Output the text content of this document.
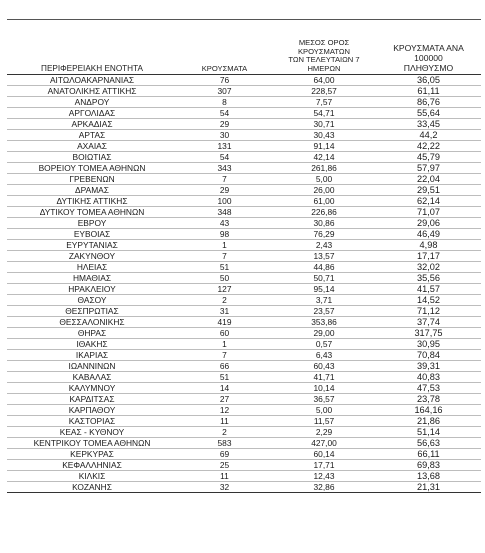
ΠΕΡΙΦΕΡΕΙΑΚΗ ΕΝΟΤΗΤΑ	ΚΡΟΥΣΜΑΤΑ	ΜΕΣΟΣ ΟΡΟΣ ΚΡΟΥΣΜΑΤΩΝ
ΤΩΝ ΤΕΛΕΥΤΑΙΩΝ 7 ΗΜΕΡΩΝ	ΚΡΟΥΣΜΑΤΑ ΑΝΑ 100000
ΠΛΗΘΥΣΜΟ
ΑΙΤΩΛΟΑΚΑΡΝΑΝΙΑΣ	76	64,00	36,05
ΑΝΑΤΟΛΙΚΗΣ ΑΤΤΙΚΗΣ	307	228,57	61,11
ΑΝΔΡΟΥ	8	7,57	86,76
ΑΡΓΟΛΙΔΑΣ	54	54,71	55,64
ΑΡΚΑΔΙΑΣ	29	30,71	33,45
ΑΡΤΑΣ	30	30,43	44,2
ΑΧΑΙΑΣ	131	91,14	42,22
ΒΟΙΩΤΙΑΣ	54	42,14	45,79
ΒΟΡΕΙΟΥ ΤΟΜΕΑ ΑΘΗΝΩΝ	343	261,86	57,97
ΓΡΕΒΕΝΩΝ	7	5,00	22,04
ΔΡΑΜΑΣ	29	26,00	29,51
ΔΥΤΙΚΗΣ ΑΤΤΙΚΗΣ	100	61,00	62,14
ΔΥΤΙΚΟΥ ΤΟΜΕΑ ΑΘΗΝΩΝ	348	226,86	71,07
ΕΒΡΟΥ	43	30,86	29,06
ΕΥΒΟΙΑΣ	98	76,29	46,49
ΕΥΡΥΤΑΝΙΑΣ	1	2,43	4,98
ΖΑΚΥΝΘΟΥ	7	13,57	17,17
ΗΛΕΙΑΣ	51	44,86	32,02
ΗΜΑΘΙΑΣ	50	50,71	35,56
ΗΡΑΚΛΕΙΟΥ	127	95,14	41,57
ΘΑΣΟΥ	2	3,71	14,52
ΘΕΣΠΡΩΤΙΑΣ	31	23,57	71,12
ΘΕΣΣΑΛΟΝΙΚΗΣ	419	353,86	37,74
ΘΗΡΑΣ	60	29,00	317,75
ΙΘΑΚΗΣ	1	0,57	30,95
ΙΚΑΡΙΑΣ	7	6,43	70,84
ΙΩΑΝΝΙΝΩΝ	66	60,43	39,31
ΚΑΒΑΛΑΣ	51	41,71	40,83
ΚΑΛΥΜΝΟΥ	14	10,14	47,53
ΚΑΡΔΙΤΣΑΣ	27	36,57	23,78
ΚΑΡΠΑΘΟΥ	12	5,00	164,16
ΚΑΣΤΟΡΙΑΣ	11	11,57	21,86
ΚΕΑΣ - ΚΥΘΝΟΥ	2	2,29	51,14
ΚΕΝΤΡΙΚΟΥ ΤΟΜΕΑ ΑΘΗΝΩΝ	583	427,00	56,63
ΚΕΡΚΥΡΑΣ	69	60,14	66,11
ΚΕΦΑΛΛΗΝΙΑΣ	25	17,71	69,83
ΚΙΛΚΙΣ	11	12,43	13,68
ΚΟΖΑΝΗΣ	32	32,86	21,31
